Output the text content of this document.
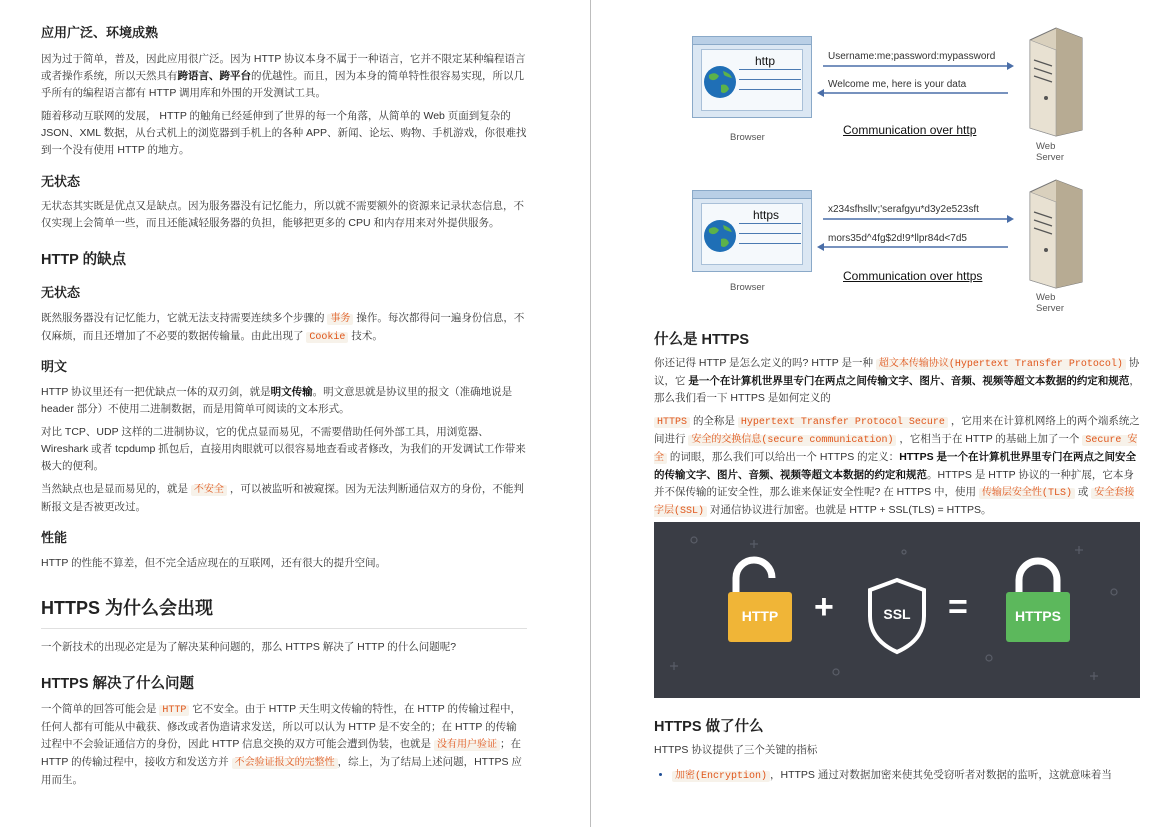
应用广泛、环境成熟

因为过于简单，普及，因此应用很广泛。因为 HTTP 协议本身不属于一种语言，它并不限定某种编程语言或者操作系统，所以天然具有跨语言、跨平台的优越性。而且，因为本身的简单特性很容易实现，所以几乎所有的编程语言都有 HTTP 调用库和外围的开发测试工具。

随着移动互联网的发展， HTTP 的触角已经延伸到了世界的每一个角落，从简单的 Web 页面到复杂的 JSON、XML 数据，从台式机上的浏览器到手机上的各种 APP、新闻、论坛、购物、手机游戏，你很难找到一个没有使用 HTTP 的地方。

无状态

无状态其实既是优点又是缺点。因为服务器没有记忆能力，所以就不需要额外的资源来记录状态信息，不仅实现上会简单一些，而且还能减轻服务器的负担，能够把更多的 CPU 和内存用来对外提供服务。

HTTP 的缺点
无状态

既然服务器没有记忆能力，它就无法支持需要连续多个步骤的 事务 操作。每次都得问一遍身份信息，不仅麻烦，而且还增加了不必要的数据传输量。由此出现了 Cookie 技术。

明文

HTTP 协议里还有一把优缺点一体的双刃剑，就是明文传输。明文意思就是协议里的报文（准确地说是 header 部分）不使用二进制数据，而是用简单可阅读的文本形式。

对比 TCP、UDP 这样的二进制协议，它的优点显而易见，不需要借助任何外部工具，用浏览器、Wireshark 或者 tcpdump 抓包后，直接用肉眼就可以很容易地查看或者修改，为我们的开发调试工作带来极大的便利。

当然缺点也是显而易见的，就是 不安全 ，可以被监听和被窥探。因为无法判断通信双方的身份，不能判断报文是否被更改过。

性能

HTTP 的性能不算差，但不完全适应现在的互联网，还有很大的提升空间。

HTTPS 为什么会出现

一个新技术的出现必定是为了解决某种问题的，那么 HTTPS 解决了 HTTP 的什么问题呢?

HTTPS 解决了什么问题

一个简单的回答可能会是 HTTP 它不安全。由于 HTTP 天生明文传输的特性，在 HTTP 的传输过程中，任何人都有可能从中截获、修改或者伪造请求发送，所以可以认为 HTTP 是不安全的；在 HTTP 的传输过程中不会验证通信方的身份，因此 HTTP 信息交换的双方可能会遭到伪装，也就是 没有用户验证 ；在 HTTP 的传输过程中，接收方和发送方并 不会验证报文的完整性 ，综上，为了结局上述问题，HTTPS 应用而生。

http
Browser
Username:me;password:mypassword
Welcome me, here is your data
Communication over http
Web Server
https
Browser
x234sfhsllv;'serafgyu*d3y2e523sft
mors35d^4fg$2d!9*llpr84d<7d5
Communication over https
Web Server
什么是 HTTPS

你还记得 HTTP 是怎么定义的吗? HTTP 是一种 超文本传输协议(Hypertext Transfer Protocol) 协议，它 是一个在计算机世界里专门在两点之间传输文字、图片、音频、视频等超文本数据的约定和规范，那么我们看一下 HTTPS 是如何定义的

HTTPS 的全称是 Hypertext Transfer Protocol Secure ，它用来在计算机网络上的两个端系统之间进行 安全的交换信息(secure communication) ，它相当于在 HTTP 的基础上加了一个 Secure 安全 的词眼，那么我们可以给出一个 HTTPS 的定义：HTTPS 是一个在计算机世界里专门在两点之间安全的传输文字、图片、音频、视频等超文本数据的约定和规范。HTTPS 是 HTTP 协议的一种扩展，它本身并不保传输的证安全性，那么谁来保证安全性呢? 在 HTTPS 中，使用 传输层安全性(TLS) 或 安全套接字层(SSL) 对通信协议进行加密。也就是 HTTP + SSL(TLS) = HTTPS。

HTTP	+	SSL	=	HTTPS
HTTPS 做了什么

HTTPS 协议提供了三个关键的指标

• 加密(Encryption) ，HTTPS 通过对数据加密来使其免受窃听者对数据的监听，这就意味着当
